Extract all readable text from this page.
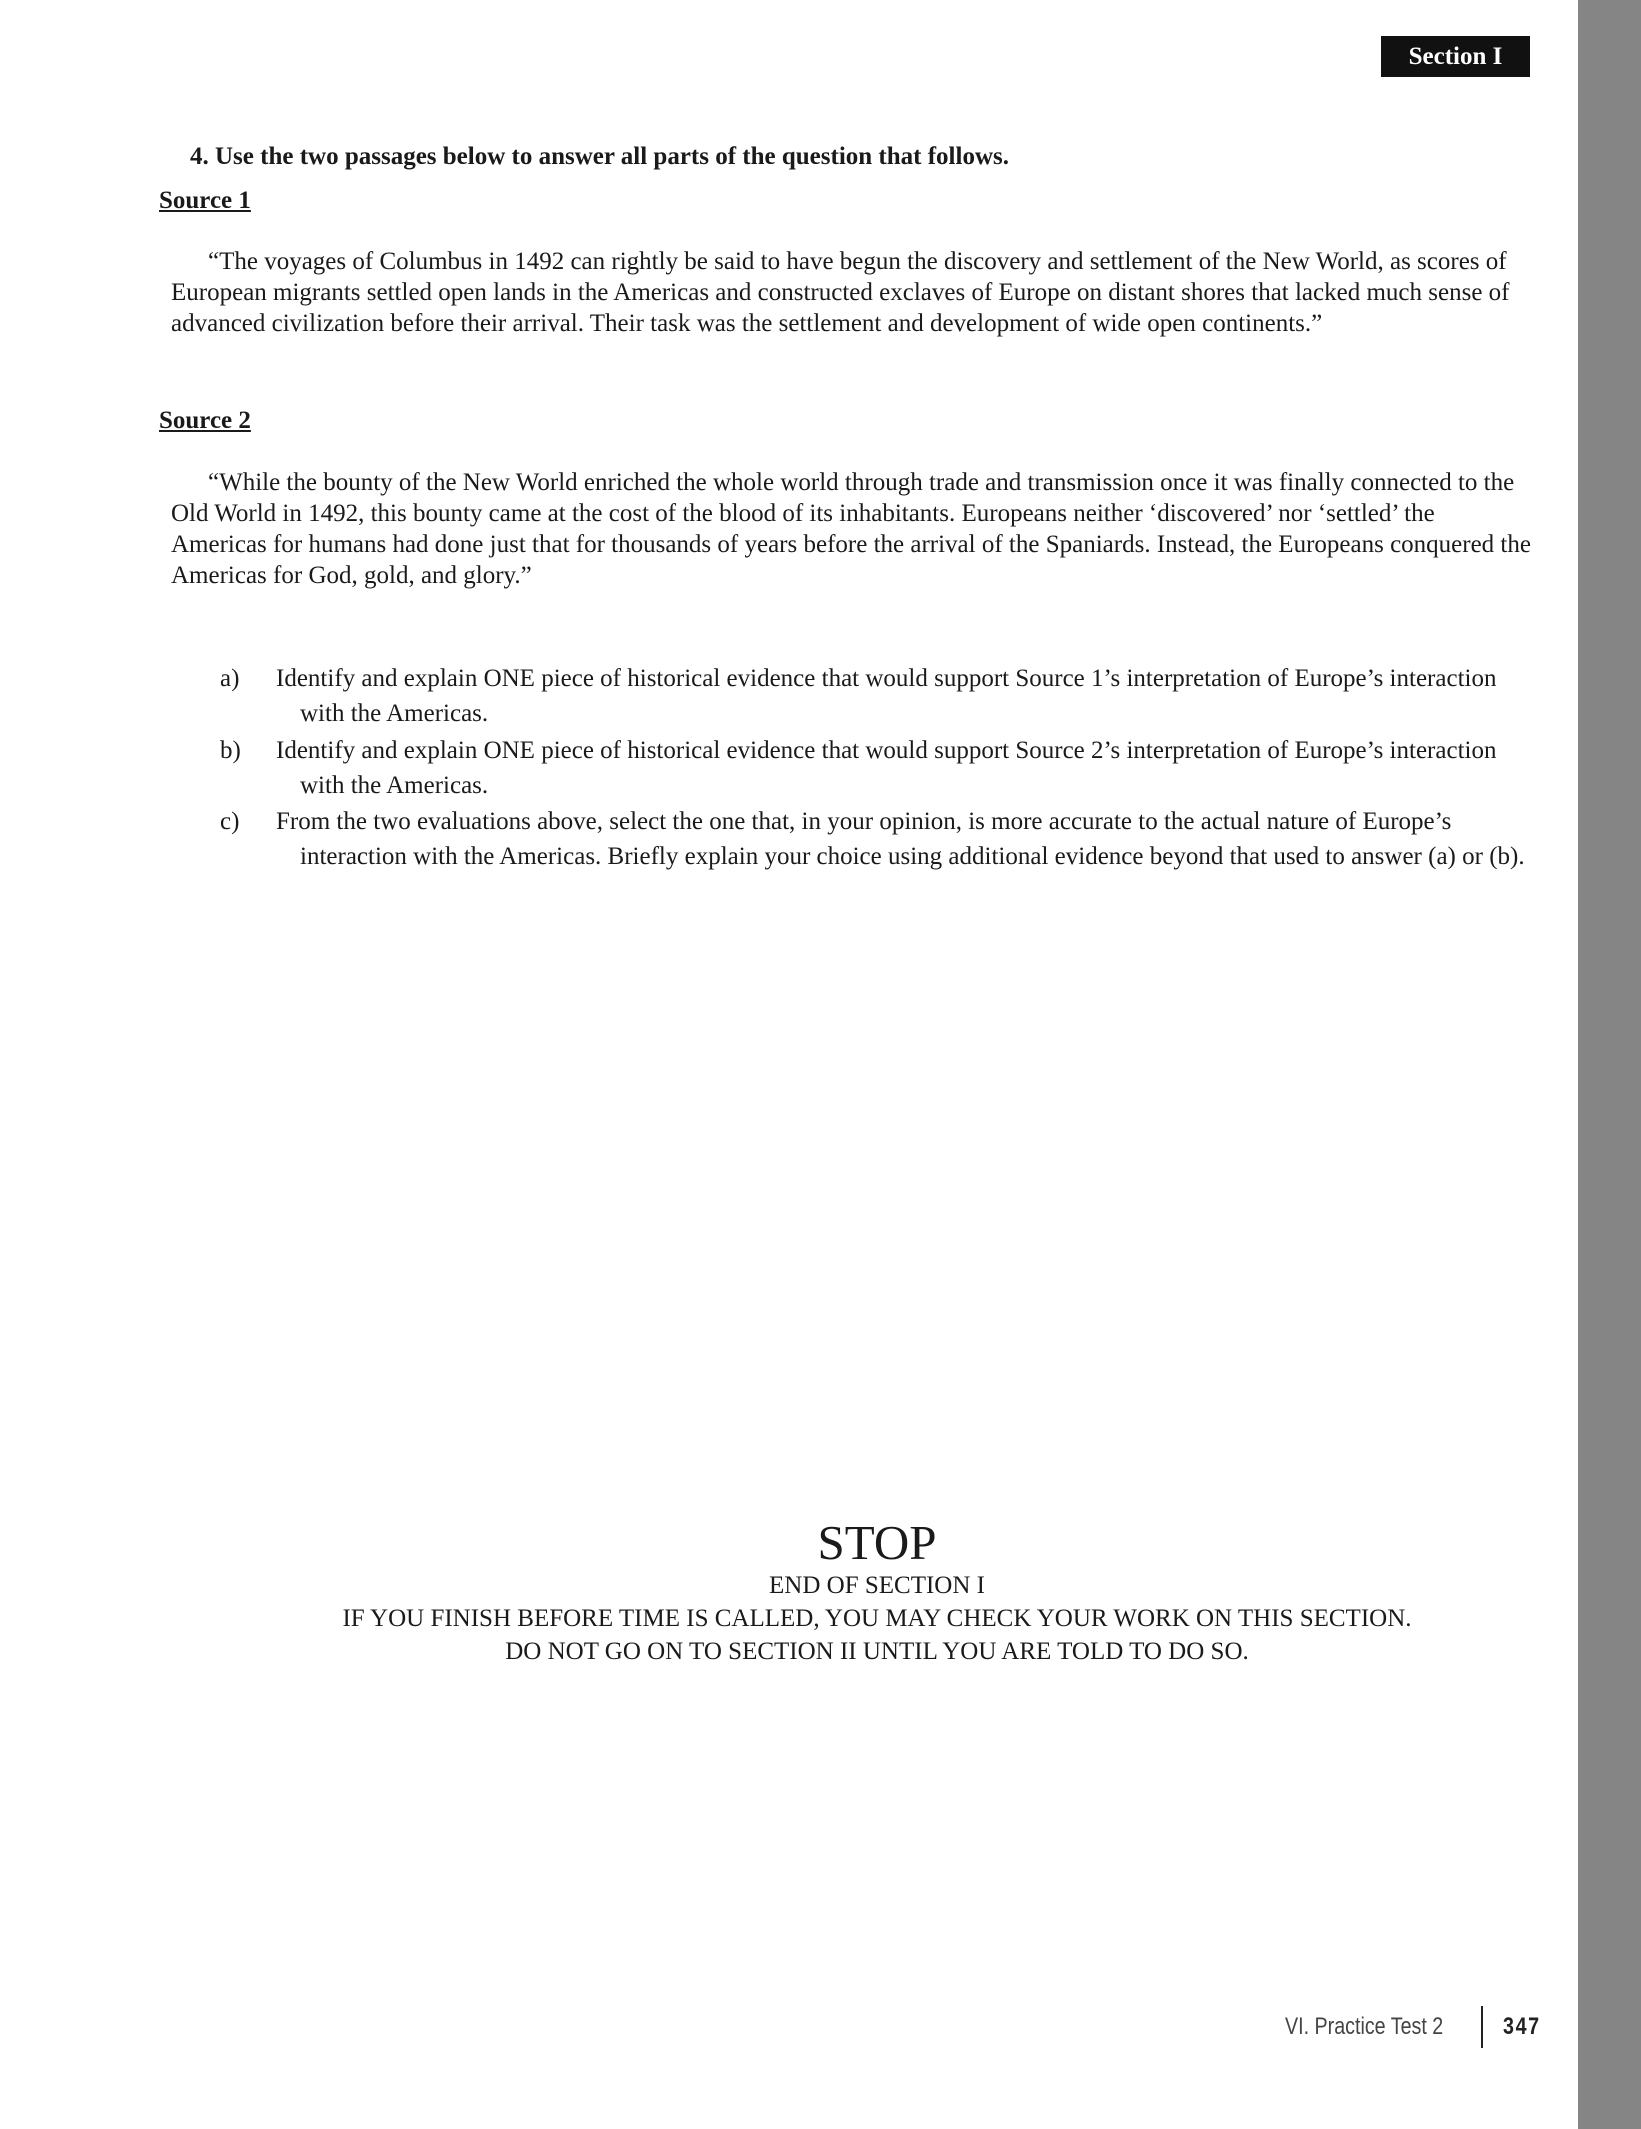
Section I
4. Use the two passages below to answer all parts of the question that follows.
Source 1

“The voyages of Columbus in 1492 can rightly be said to have begun the discovery and settlement of the New World, as scores of European migrants settled open lands in the Americas and constructed exclaves of Europe on distant shores that lacked much sense of advanced civilization before their arrival. Their task was the settlement and development of wide open continents.”

Source 2

“While the bounty of the New World enriched the whole world through trade and transmission once it was finally connected to the Old World in 1492, this bounty came at the cost of the blood of its inhabitants. Europeans neither ‘discovered’ nor ‘settled’ the Americas for humans had done just that for thousands of years before the arrival of the Spaniards. Instead, the Europeans conquered the Americas for God, gold, and glory.”

a) Identify and explain ONE piece of historical evidence that would support Source 1’s interpretation of Europe’s interaction with the Americas.
b) Identify and explain ONE piece of historical evidence that would support Source 2’s interpretation of Europe’s interaction with the Americas.
c) From the two evaluations above, select the one that, in your opinion, is more accurate to the actual nature of Europe’s interaction with the Americas. Briefly explain your choice using additional evidence beyond that used to answer (a) or (b).
STOP
END OF SECTION I
IF YOU FINISH BEFORE TIME IS CALLED, YOU MAY CHECK YOUR WORK ON THIS SECTION.
DO NOT GO ON TO SECTION II UNTIL YOU ARE TOLD TO DO SO.
VI. Practice Test 2 347
